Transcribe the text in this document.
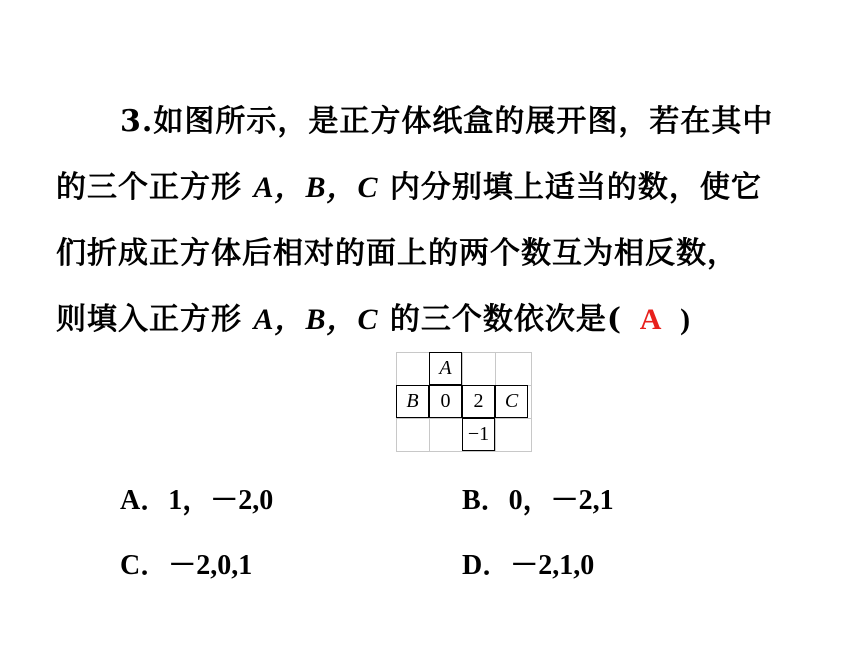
3.如图所示，是正方体纸盒的展开图，若在其中
的三个正方形 A，B，C 内分别填上适当的数，使它
们折成正方体后相对的面上的两个数互为相反数，
则填入正方形 A，B，C 的三个数依次是( A )
A
B	0	2	C
−1
A．1，－2,0	B．0，－2,1
C．－2,0,1	D．－2,1,0
